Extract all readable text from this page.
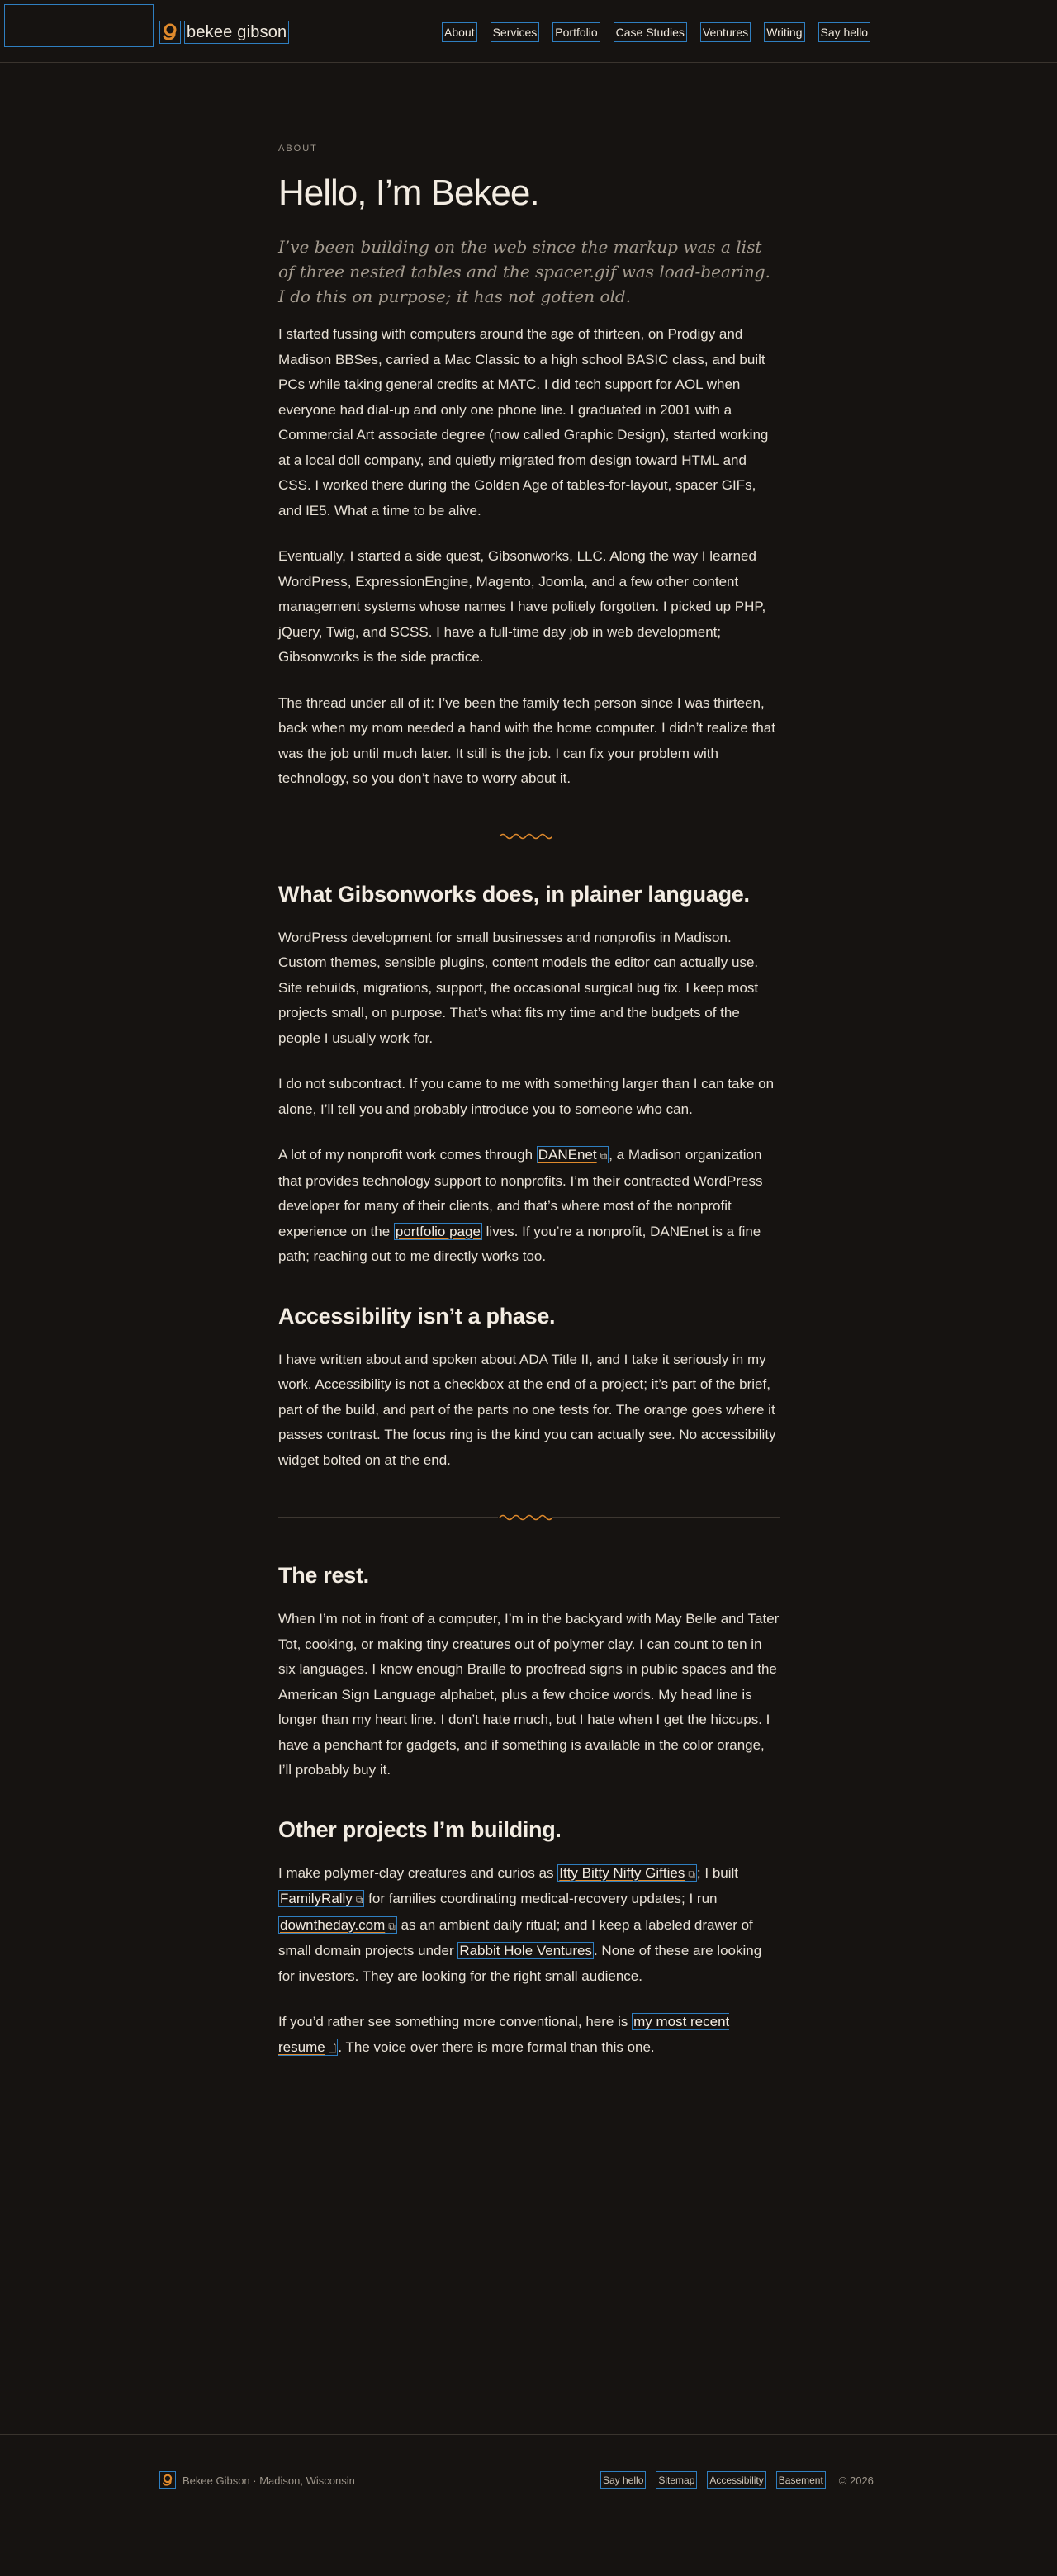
bekee gibson	About Services Portfolio Case Studies Ventures Writing Say hello
ABOUT
Hello, I’m Bekee.

I’ve been building on the web since the markup was a list of three nested tables and the spacer.gif was load-bearing. I do this on purpose; it has not gotten old.

I started fussing with computers around the age of thirteen, on Prodigy and Madison BBSes, carried a Mac Classic to a high school BASIC class, and built PCs while taking general credits at MATC. I did tech support for AOL when everyone had dial-up and only one phone line. I graduated in 2001 with a Commercial Art associate degree (now called Graphic Design), started working at a local doll company, and quietly migrated from design toward HTML and CSS. I worked there during the Golden Age of tables-for-layout, spacer GIFs, and IE5. What a time to be alive.

Eventually, I started a side quest, Gibsonworks, LLC. Along the way I learned WordPress, ExpressionEngine, Magento, Joomla, and a few other content management systems whose names I have politely forgotten. I picked up PHP, jQuery, Twig, and SCSS. I have a full-time day job in web development; Gibsonworks is the side practice.

The thread under all of it: I’ve been the family tech person since I was thirteen, back when my mom needed a hand with the home computer. I didn’t realize that was the job until much later. It still is the job. I can fix your problem with technology, so you don’t have to worry about it.

What Gibsonworks does, in plainer language.

WordPress development for small businesses and nonprofits in Madison. Custom themes, sensible plugins, content models the editor can actually use. Site rebuilds, migrations, support, the occasional surgical bug fix. I keep most projects small, on purpose. That’s what fits my time and the budgets of the people I usually work for.

I do not subcontract. If you came to me with something larger than I can take on alone, I’ll tell you and probably introduce you to someone who can.

A lot of my nonprofit work comes through DANEnet ⧉ , a Madison organization that provides technology support to nonprofits. I’m their contracted WordPress developer for many of their clients, and that’s where most of the nonprofit experience on the portfolio page lives. If you’re a nonprofit, DANEnet is a fine path; reaching out to me directly works too.

Accessibility isn’t a phase.

I have written about and spoken about ADA Title II, and I take it seriously in my work. Accessibility is not a checkbox at the end of a project; it’s part of the brief, part of the build, and part of the parts no one tests for. The orange goes where it passes contrast. The focus ring is the kind you can actually see. No accessibility widget bolted on at the end.

The rest.

When I’m not in front of a computer, I’m in the backyard with May Belle and Tater Tot, cooking, or making tiny creatures out of polymer clay. I can count to ten in six languages. I know enough Braille to proofread signs in public spaces and the American Sign Language alphabet, plus a few choice words. My head line is longer than my heart line. I don’t hate much, but I hate when I get the hiccups. I have a penchant for gadgets, and if something is available in the color orange, I’ll probably buy it.

Other projects I’m building.

I make polymer-clay creatures and curios as Itty Bitty Nifty Gifties ⧉ ; I built FamilyRally ⧉ for families coordinating medical-recovery updates; I run downtheday.com ⧉ as an ambient daily ritual; and I keep a labeled drawer of small domain projects under Rabbit Hole Ventures . None of these are looking for investors. They are looking for the right small audience.

If you’d rather see something more conventional, here is my most recent resume 🗋 . The voice over there is more formal than this one.

Bekee Gibson · Madison, Wisconsin	Say hello Sitemap Accessibility Basement © 2026
